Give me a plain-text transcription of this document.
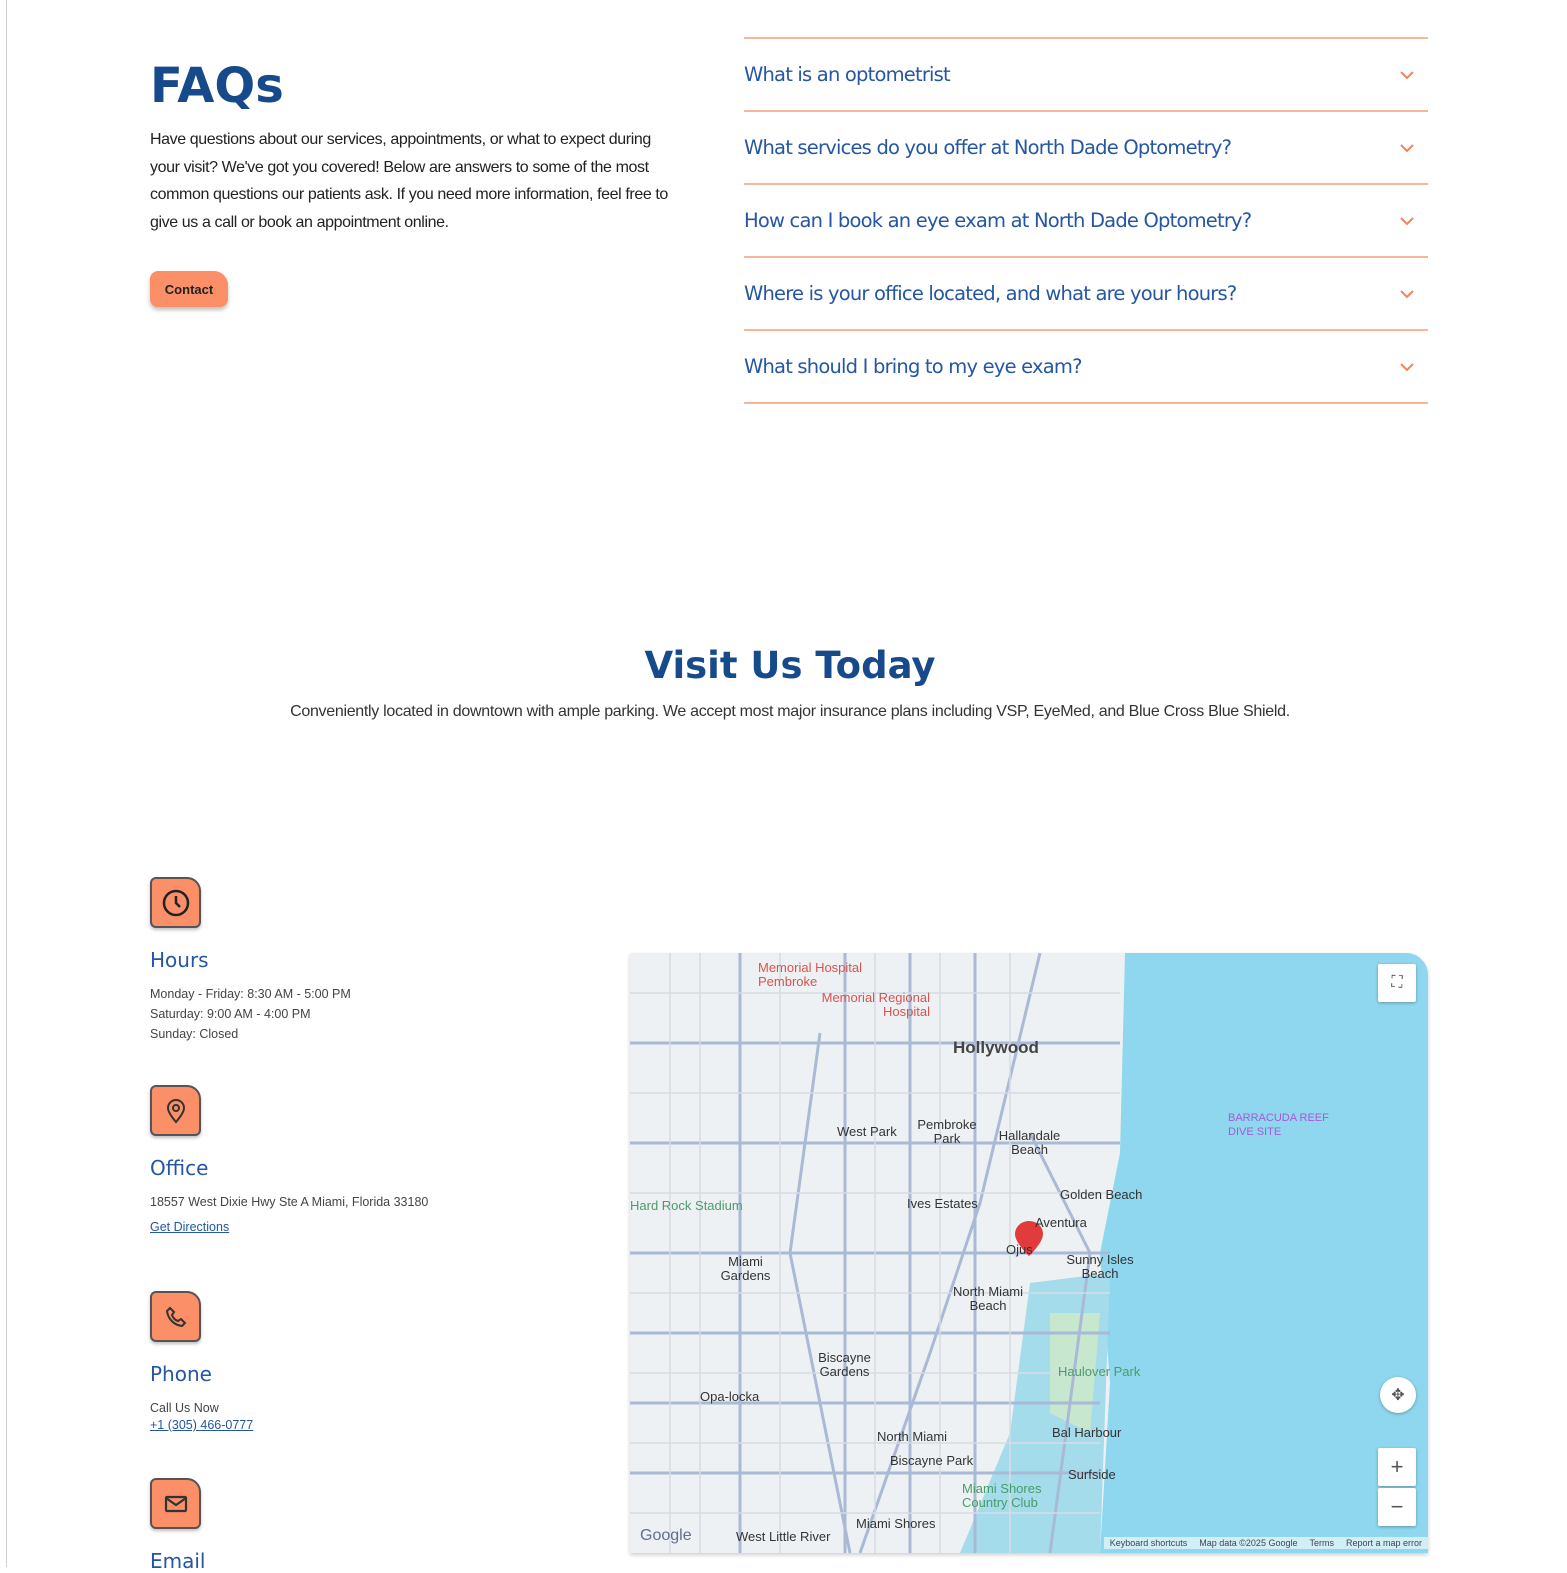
FAQs

Have questions about our services, appointments, or what to expect during your visit? We've got you covered! Below are answers to some of the most common questions our patients ask. If you need more information, feel free to give us a call or book an appointment online.

Contact
What is an optometrist
What services do you offer at North Dade Optometry?
How can I book an eye exam at North Dade Optometry?
Where is your office located, and what are your hours?
What should I bring to my eye exam?
Visit Us Today

Conveniently located in downtown with ample parking. We accept most major insurance plans including VSP, EyeMed, and Blue Cross Blue Shield.

Hours
Monday - Friday: 8:30 AM - 5:00 PM
Saturday: 9:00 AM - 4:00 PM
Sunday: Closed
Office
18557 West Dixie Hwy Ste A Miami, Florida 33180
Get Directions
Phone
Call Us Now
+1 (305) 466-0777
Email
Memorial Hospital Pembroke
Memorial Regional Hospital
Hollywood
West Park Pembroke Park	Hallandale Beach
BARRACUDA REEF DIVE SITE
Hard Rock Stadium	Ives Estates
Golden Beach
Aventura
Ojus
Sunny Isles Beach
Miami Gardens
North Miami Beach
Biscayne Gardens	Haulover Park
Opa-locka
Bal Harbour
North Miami
Biscayne Park
Surfside
Miami Shores Country Club
Miami Shores
West Little River
Google
⛶
✥
+
−
Keyboard shortcuts Map data ©2025 Google Terms Report a map error
